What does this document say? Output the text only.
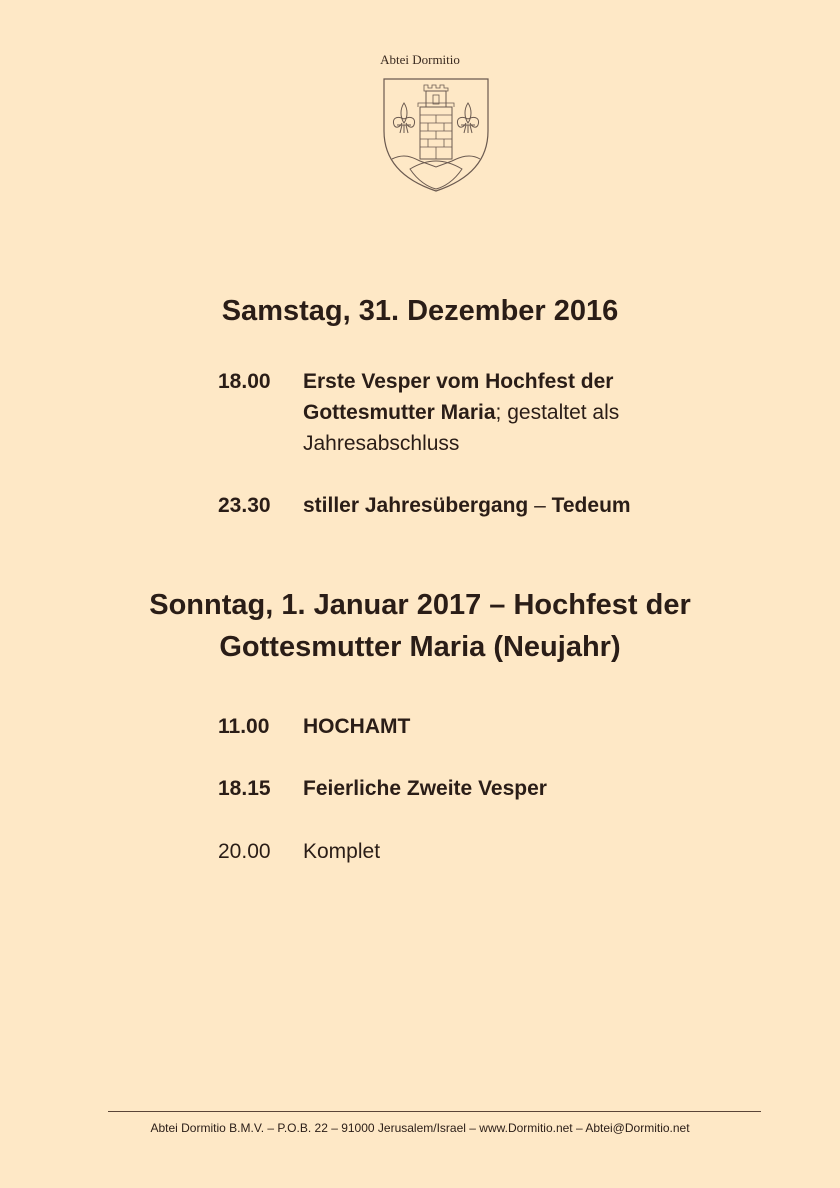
Abtei Dormitio
Samstag, 31. Dezember 2016
18.00	Erste Vesper vom Hochfest der Gottesmutter Maria; gestaltet als Jahresabschluss
23.30	stiller Jahresübergang – Tedeum
Sonntag, 1. Januar 2017 – Hochfest der
Gottesmutter Maria (Neujahr)
11.00	HOCHAMT
18.15	Feierliche Zweite Vesper
20.00	Komplet
Abtei Dormitio B.M.V. – P.O.B. 22 – 91000 Jerusalem/Israel – www.Dormitio.net – Abtei@Dormitio.net
